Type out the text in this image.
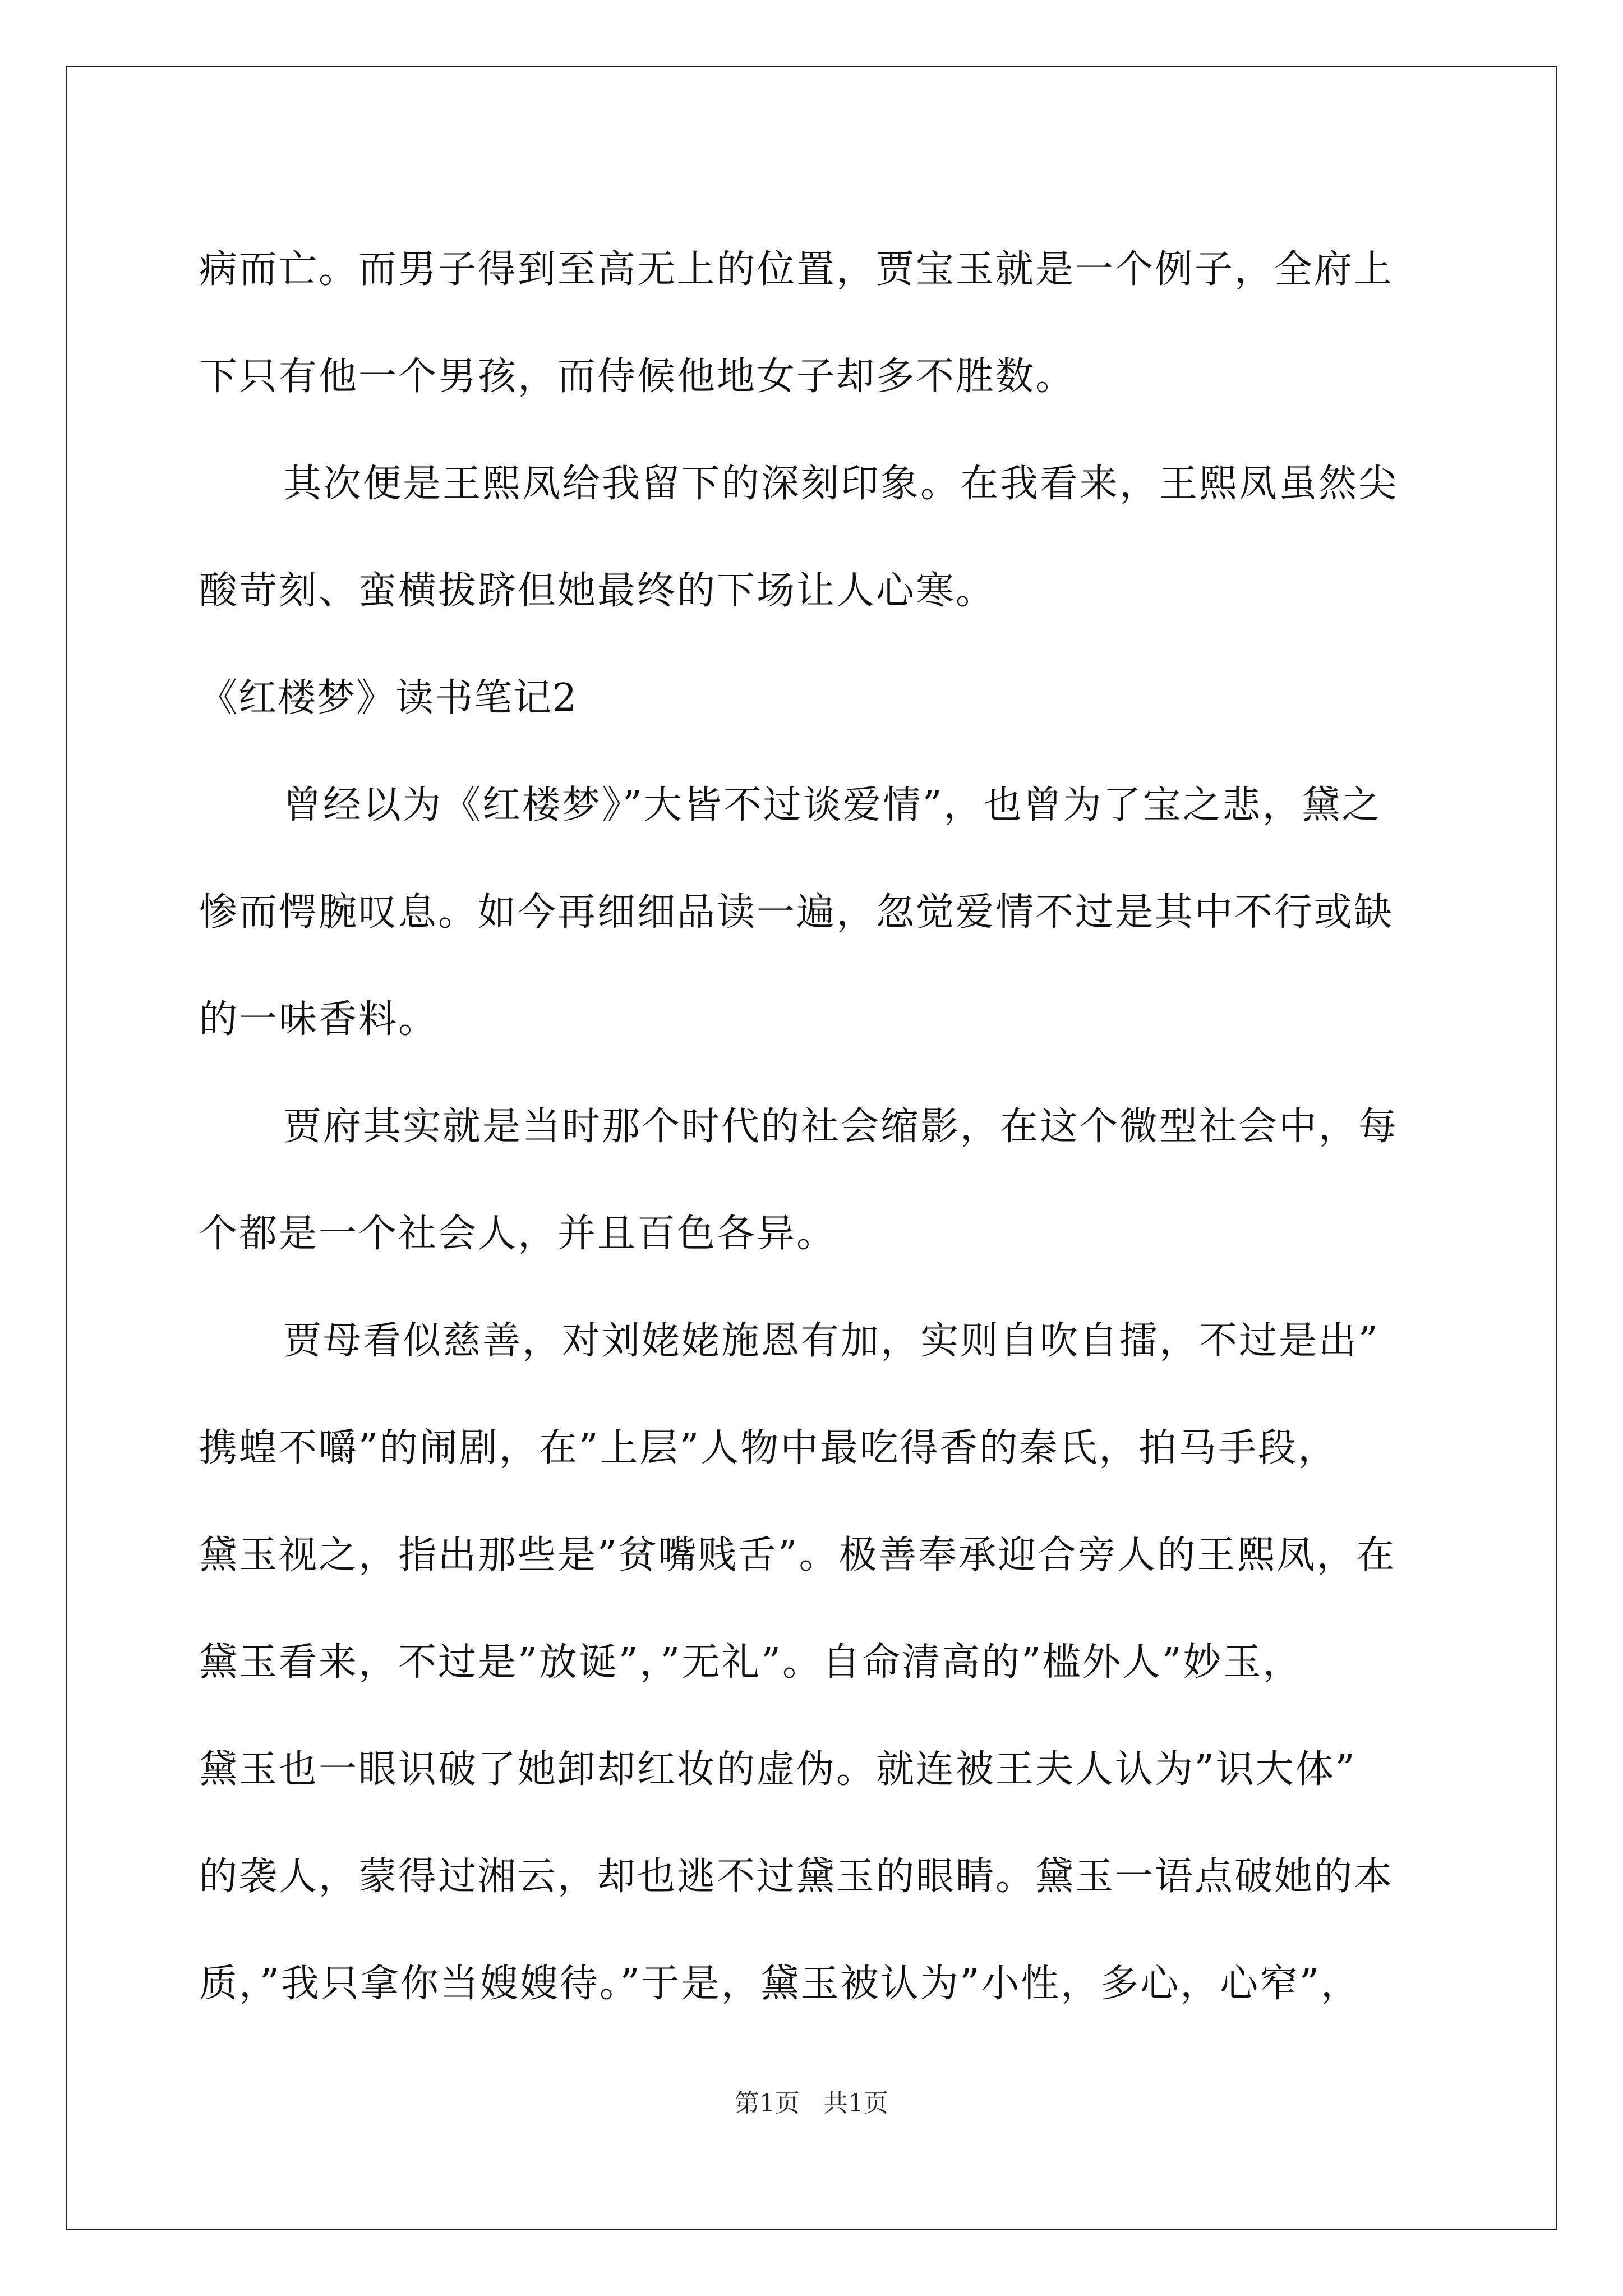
病而亡。而男子得到至高无上的位置，贾宝玉就是一个例子，全府上
下只有他一个男孩，而侍候他地女子却多不胜数。
其次便是王熙凤给我留下的深刻印象。在我看来，王熙凤虽然尖
酸苛刻、蛮横拔跻但她最终的下场让人心寒。
《红楼梦》读书笔记2
曾经以为《红楼梦》”大皆不过谈爱情”，也曾为了宝之悲，黛之
惨而愕腕叹息。如今再细细品读一遍，忽觉爱情不过是其中不行或缺
的一味香料。
贾府其实就是当时那个时代的社会缩影，在这个微型社会中，每
个都是一个社会人，并且百色各异。
贾母看似慈善，对刘姥姥施恩有加，实则自吹自擂，不过是出”
携蝗不嚼”的闹剧，在”上层”人物中最吃得香的秦氏，拍马手段，
黛玉视之，指出那些是”贫嘴贱舌”。极善奉承迎合旁人的王熙凤，在
黛玉看来，不过是”放诞”，”无礼”。自命清高的”槛外人”妙玉，
黛玉也一眼识破了她卸却红妆的虚伪。就连被王夫人认为”识大体”
的袭人，蒙得过湘云，却也逃不过黛玉的眼睛。黛玉一语点破她的本
质，”我只拿你当嫂嫂待。”于是，黛玉被认为”小性，多心，心窄”，
第1页   共1页
